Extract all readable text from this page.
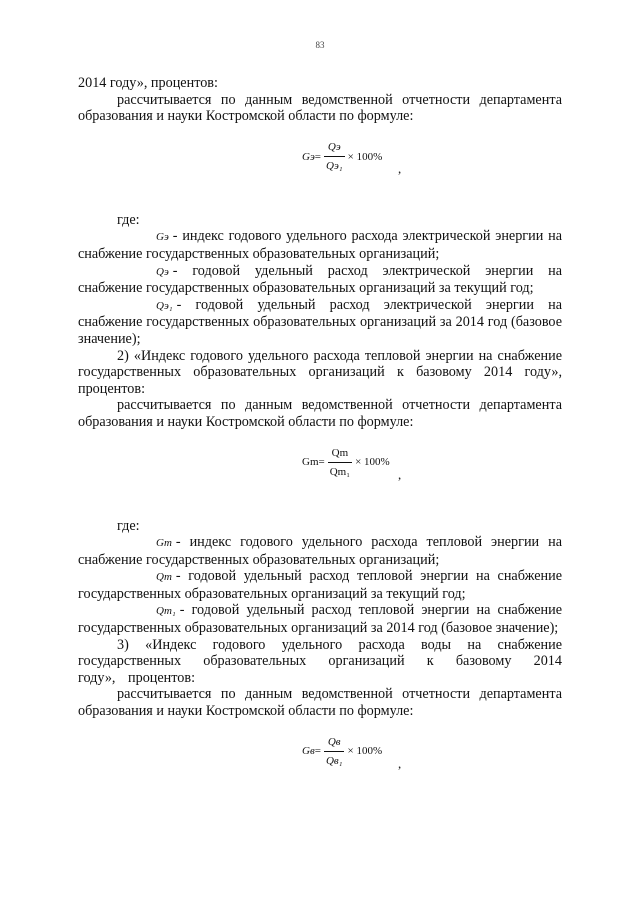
83

2014 году», процентов:

рассчитывается по данным ведомственной отчетности департамента образования и науки Костромской области по формуле:

Gэ = $\frac{Qэ}{\text{Qэ₁}} \times 100\%$
,

где:

Gэ - индекс годового удельного расхода электрической энергии на снабжение государственных образовательных организаций;

Qэ - годовой удельный расход электрической энергии на снабжение государственных образовательных организаций за текущий год;

Qэ₁ - годовой удельный расход электрической энергии на снабжение государственных образовательных организаций за 2014 год (базовое значение);

2) «Индекс годового удельного расхода тепловой энергии на снабжение государственных образовательных организаций к базовому 2014 году», процентов:

рассчитывается по данным ведомственной отчетности департамента образования и науки Костромской области по формуле:

$Gm = \frac{Qm}{\text{Qm₁}} \times 100\%$
,

где:

Gm - индекс годового удельного расхода тепловой энергии на снабжение государственных образовательных организаций;

Qm - годовой удельный расход тепловой энергии на снабжение государственных образовательных организаций за текущий год;

Qm₁ - годовой удельный расход тепловой энергии на снабжение государственных образовательных организаций за 2014 год (базовое значение);

3) «Индекс годового удельного расхода воды на снабжение государственных образовательных организаций к базовому 2014 году», процентов:

рассчитывается по данным ведомственной отчетности департамента образования и науки Костромской области по формуле:

Gв = $\frac{Qв}{\text{Qв₁}} \times 100\%$
,
